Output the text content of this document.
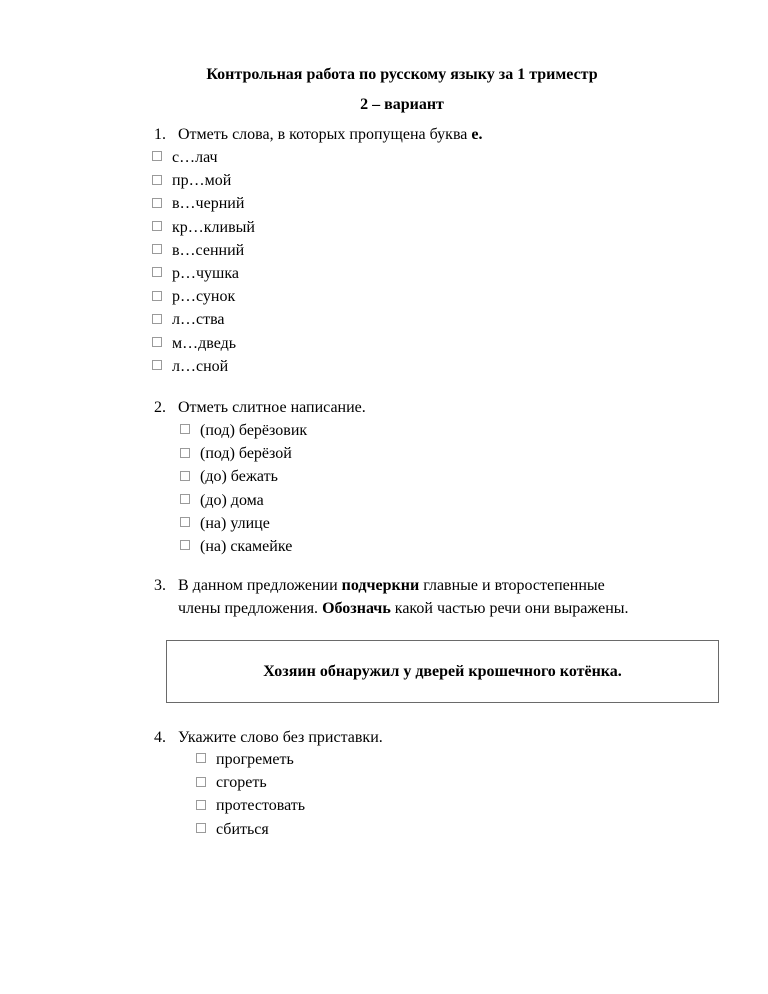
Контрольная работа по русскому языку за 1 триместр
2 – вариант
1. Отметь слова, в которых пропущена буква е.
с…лач
пр…мой
в…черний
кр…кливый
в…сенний
р…чушка
р…сунок
л…ства
м…дведь
л…сной
2. Отметь слитное написание.
(под) берёзовик
(под) берёзой
(до) бежать
(до) дома
(на) улице
(на) скамейке
3. В данном предложении подчеркни главные и второстепенные
члены предложения. Обозначь какой частью речи они выражены.
Хозяин обнаружил у дверей крошечного котёнка.
4. Укажите слово без приставки.
прогреметь
сгореть
протестовать
сбиться
